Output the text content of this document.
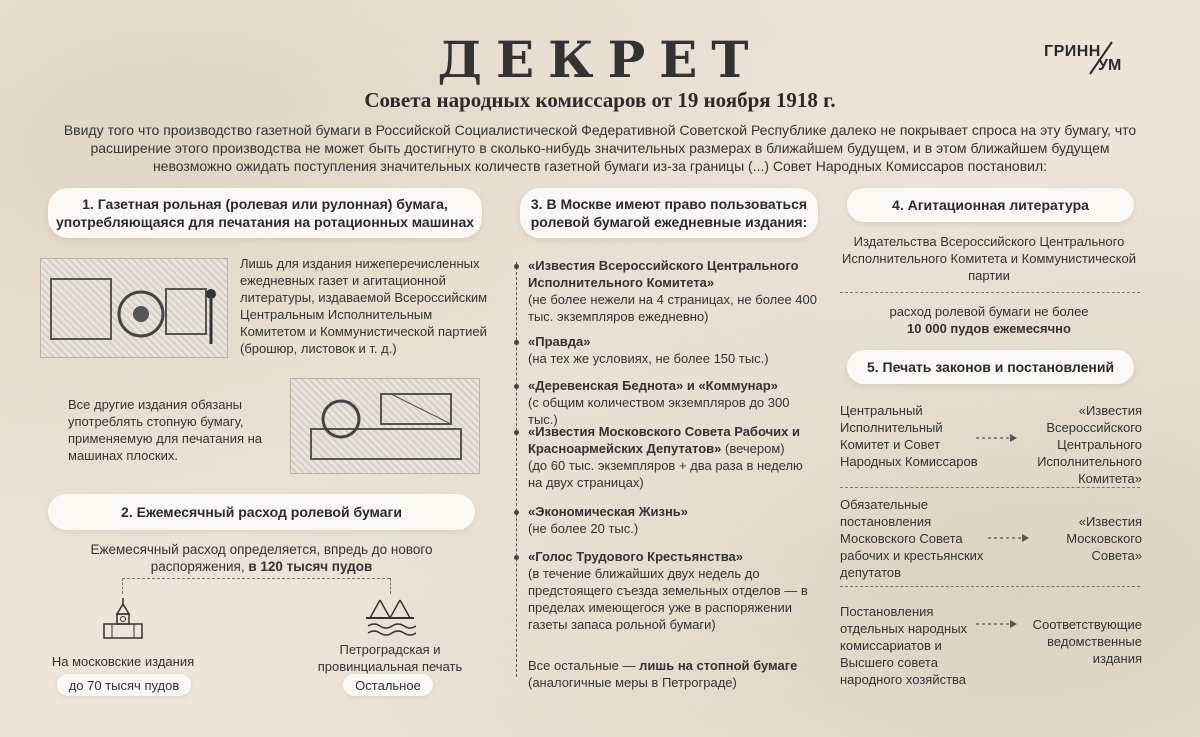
ДЕКРЕТ
Совета народных комиссаров от 19 ноября 1918 г.
ГРИНН
УМ
Ввиду того что производство газетной бумаги в Российской Социалистической Федеративной Советской Республике далеко не покрывает спроса на эту бумагу, что расширение этого производства не может быть достигнуто в сколько-нибудь значительных размерах в ближайшем будущем, и в этом ближайшем будущем невозможно ожидать поступления значительных количеств газетной бумаги из-за границы (...) Совет Народных Комиссаров постановил:
1. Газетная рольная (ролевая или рулонная) бумага,
употребляющаяся для печатания на ротационных машинах
Лишь для издания нижеперечисленных ежедневных газет и агитационной литературы, издаваемой Всероссийским Центральным Исполнительным Комитетом и Коммунистической партией (брошюр, листовок и т. д.)
Все другие издания обязаны употреблять стопную бумагу, применяемую для печатания на машинах плоских.
2. Ежемесячный расход ролевой бумаги
Ежемесячный расход определяется, впредь до нового
распоряжения, в 120 тысяч пудов
На московские издания
до 70 тысяч пудов
Петроградская и
провинциальная печать
Остальное
3. В Москве имеют право пользоваться
ролевой бумагой ежедневные издания:
«Известия Всероссийского Центрального Исполнительного Комитета»
(не более нежели на 4 страницах, не более 400 тыс. экземпляров ежедневно)
«Правда»
(на тех же условиях, не более 150 тыс.)
«Деревенская Беднота» и «Коммунар»
(с общим количеством экземпляров до 300 тыс.)
«Известия Московского Совета Рабочих и Красноармейских Депутатов» (вечером)
(до 60 тыс. экземпляров + два раза в неделю на двух страницах)
«Экономическая Жизнь»
(не более 20 тыс.)
«Голос Трудового Крестьянства»
(в течение ближайших двух недель до предстоящего съезда земельных отделов — в пределах имеющегося уже в распоряжении газеты запаса рольной бумаги)
Все остальные — лишь на стопной бумаге
(аналогичные меры в Петрограде)
4. Агитационная литература
Издательства Всероссийского Центрального Исполнительного Комитета и Коммунистической партии
расход ролевой бумаги не более
10 000 пудов ежемесячно
5. Печать законов и постановлений
Центральный Исполнительный Комитет и Совет Народных Комиссаров
«Известия Всероссийского Центрального Исполнительного Комитета»
Обязательные постановления Московского Совета рабочих и крестьянских депутатов
«Известия Московского Совета»
Постановления отдельных народных комиссариатов и Высшего совета народного хозяйства
Соответствующие ведомственные издания
